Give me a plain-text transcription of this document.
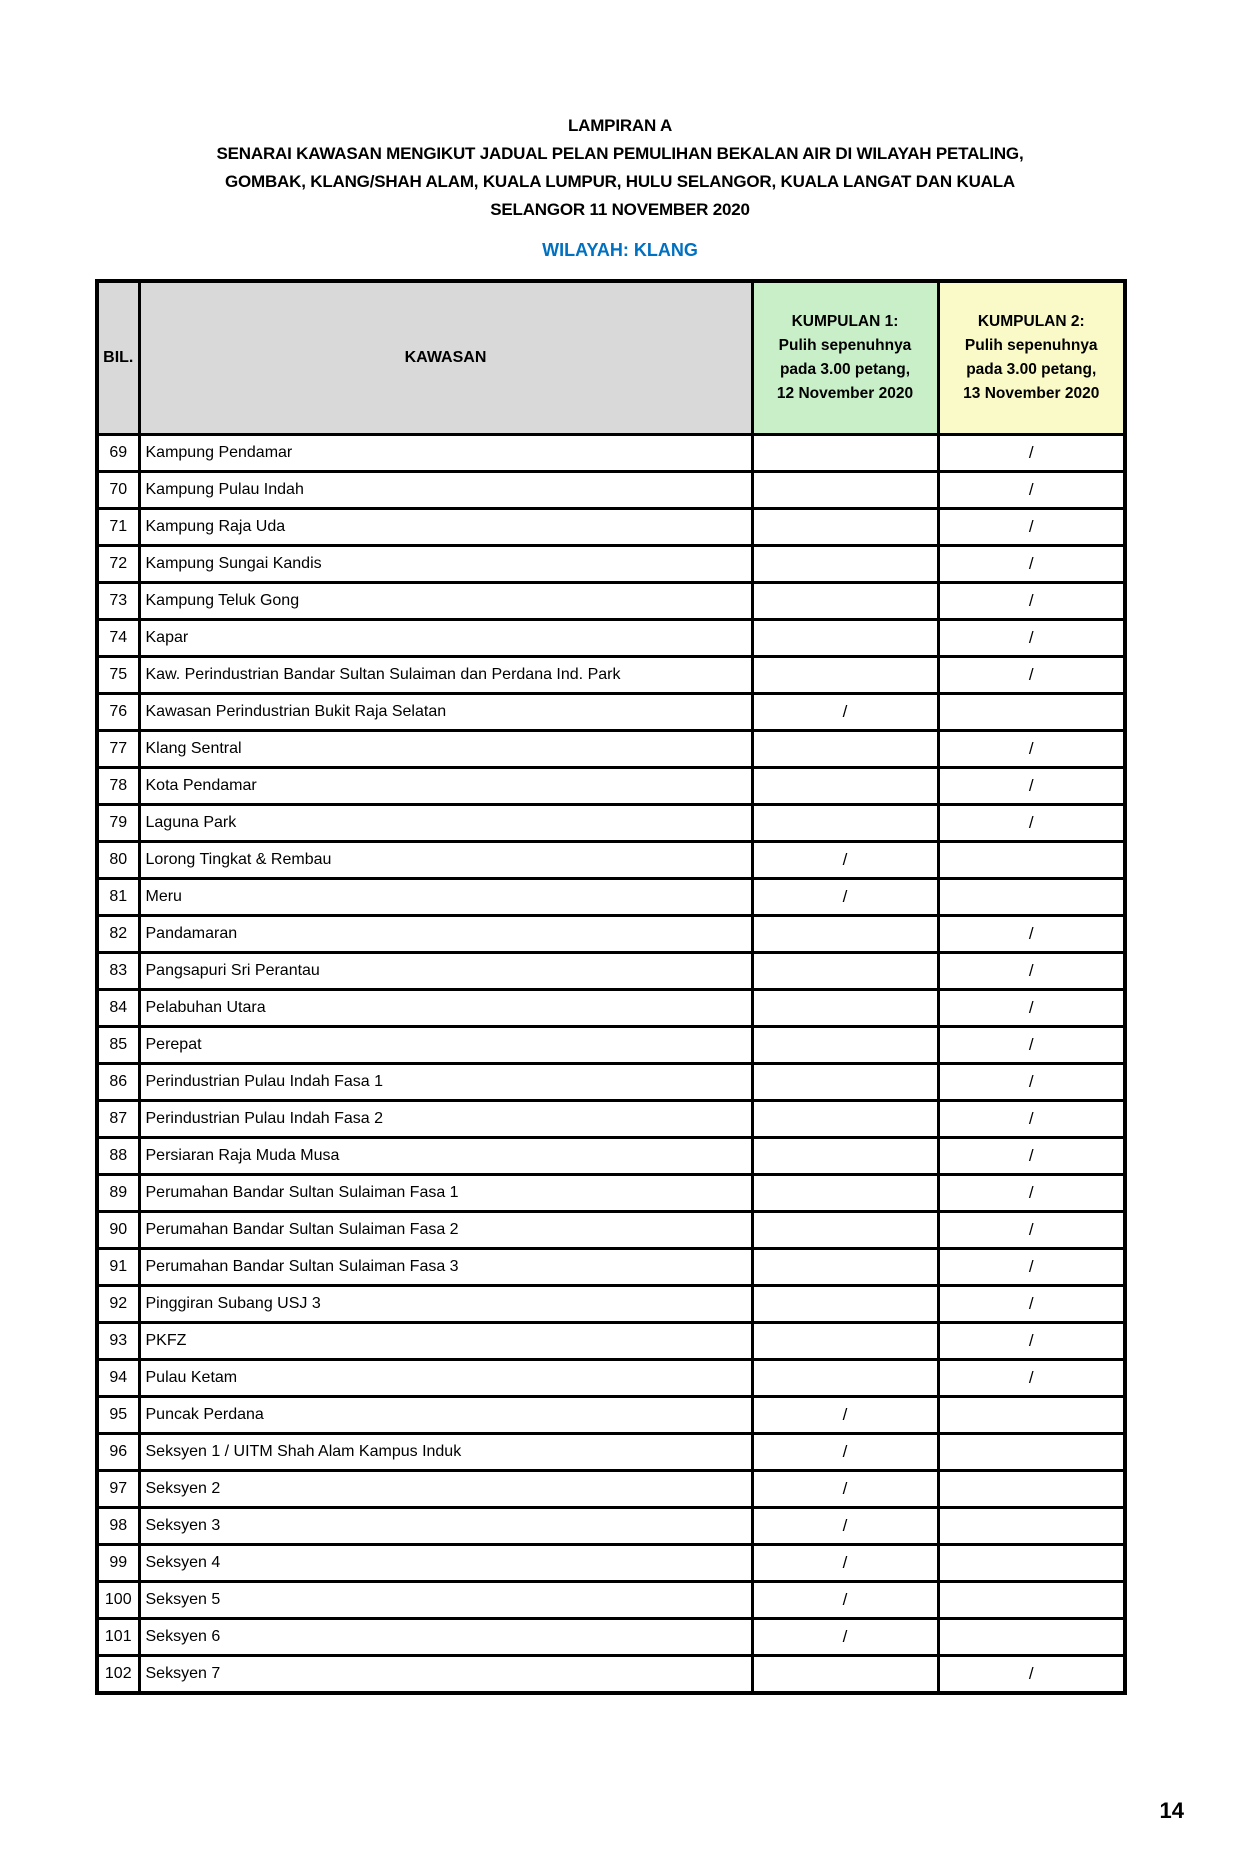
LAMPIRAN A
SENARAI KAWASAN MENGIKUT JADUAL PELAN PEMULIHAN BEKALAN AIR DI WILAYAH PETALING,
GOMBAK, KLANG/SHAH ALAM, KUALA LUMPUR, HULU SELANGOR, KUALA LANGAT DAN KUALA
SELANGOR 11 NOVEMBER 2020
WILAYAH: KLANG
BIL.	KAWASAN	
KUMPULAN 1:
Pulih sepenuhnya
pada 3.00 petang,
12 November 2020

KUMPULAN 2:
Pulih sepenuhnya
pada 3.00 petang,
13 November 2020

69	Kampung Pendamar		/
70	Kampung Pulau Indah		/
71	Kampung Raja Uda		/
72	Kampung Sungai Kandis		/
73	Kampung Teluk Gong		/
74	Kapar		/
75	Kaw. Perindustrian Bandar Sultan Sulaiman dan Perdana Ind. Park		/
76	Kawasan Perindustrian Bukit Raja Selatan	/	
77	Klang Sentral		/
78	Kota Pendamar		/
79	Laguna Park		/
80	Lorong Tingkat & Rembau	/	
81	Meru	/	
82	Pandamaran		/
83	Pangsapuri Sri Perantau		/
84	Pelabuhan Utara		/
85	Perepat		/
86	Perindustrian Pulau Indah Fasa 1		/
87	Perindustrian Pulau Indah Fasa 2		/
88	Persiaran Raja Muda Musa		/
89	Perumahan Bandar Sultan Sulaiman Fasa 1		/
90	Perumahan Bandar Sultan Sulaiman Fasa 2		/
91	Perumahan Bandar Sultan Sulaiman Fasa 3		/
92	Pinggiran Subang USJ 3		/
93	PKFZ		/
94	Pulau Ketam		/
95	Puncak Perdana	/	
96	Seksyen 1 / UITM Shah Alam Kampus Induk	/	
97	Seksyen 2	/	
98	Seksyen 3	/	
99	Seksyen 4	/	
100	Seksyen 5	/	
101	Seksyen 6	/	
102	Seksyen 7		/
14
